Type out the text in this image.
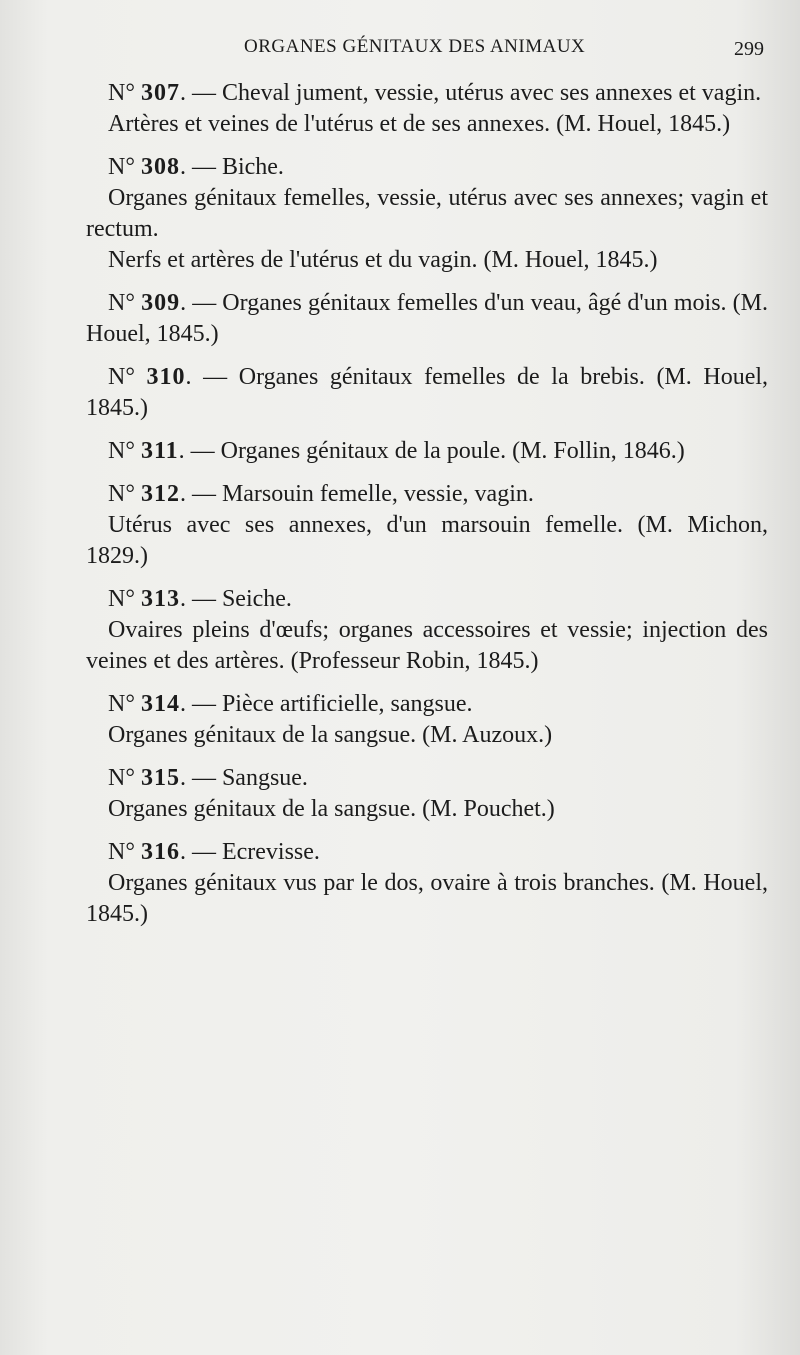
ORGANES GÉNITAUX DES ANIMAUX	299

N° 307. — Cheval jument, vessie, utérus avec ses annexes et vagin.

Artères et veines de l'utérus et de ses annexes. (M. Houel, 1845.)

N° 308. — Biche.

Organes génitaux femelles, vessie, utérus avec ses annexes; vagin et rectum.

Nerfs et artères de l'utérus et du vagin. (M. Houel, 1845.)

N° 309. — Organes génitaux femelles d'un veau, âgé d'un mois. (M. Houel, 1845.)

N° 310. — Organes génitaux femelles de la brebis. (M. Houel, 1845.)

N° 311. — Organes génitaux de la poule. (M. Follin, 1846.)

N° 312. — Marsouin femelle, vessie, vagin.

Utérus avec ses annexes, d'un marsouin femelle. (M. Michon, 1829.)

N° 313. — Seiche.

Ovaires pleins d'œufs; organes accessoires et vessie; injection des veines et des artères. (Professeur Robin, 1845.)

N° 314. — Pièce artificielle, sangsue.

Organes génitaux de la sangsue. (M. Auzoux.)

N° 315. — Sangsue.

Organes génitaux de la sangsue. (M. Pouchet.)

N° 316. — Ecrevisse.

Organes génitaux vus par le dos, ovaire à trois branches. (M. Houel, 1845.)
